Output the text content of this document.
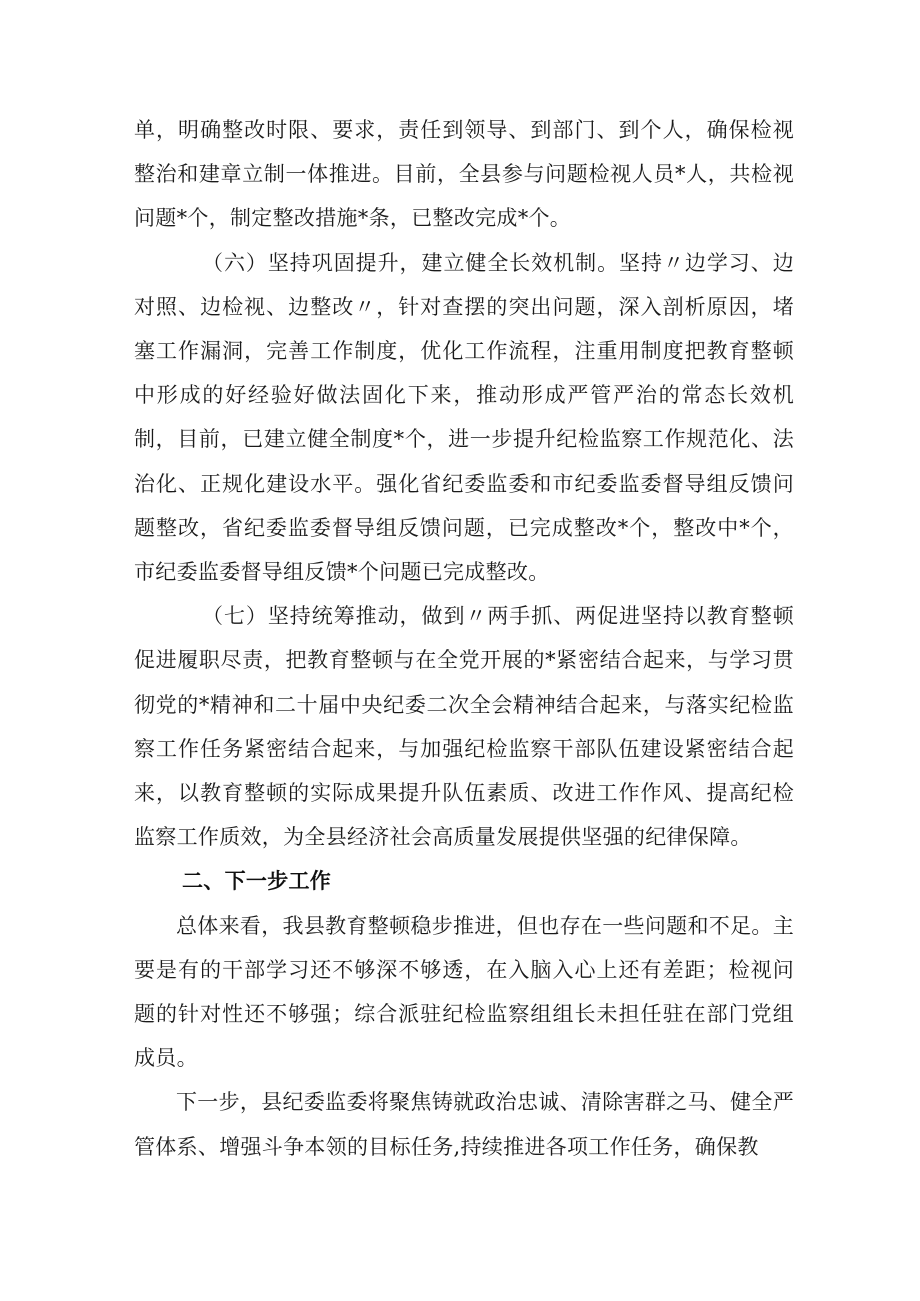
单，明确整改时限、要求，责任到领导、到部门、到个人，确保检视整治和建章立制一体推进。目前，全县参与问题检视人员*人，共检视问题*个，制定整改措施*条，已整改完成*个。

（六）坚持巩固提升，建立健全长效机制。坚持〃边学习、边对照、边检视、边整改〃，针对查摆的突出问题，深入剖析原因，堵塞工作漏洞，完善工作制度，优化工作流程，注重用制度把教育整顿中形成的好经验好做法固化下来，推动形成严管严治的常态长效机制，目前，已建立健全制度*个，进一步提升纪检监察工作规范化、法治化、正规化建设水平。强化省纪委监委和市纪委监委督导组反馈问题整改，省纪委监委督导组反馈问题，已完成整改*个，整改中*个，市纪委监委督导组反馈*个问题已完成整改。

（七）坚持统筹推动，做到〃两手抓、两促进坚持以教育整顿促进履职尽责，把教育整顿与在全党开展的*紧密结合起来，与学习贯彻党的*精神和二十届中央纪委二次全会精神结合起来，与落实纪检监察工作任务紧密结合起来，与加强纪检监察干部队伍建设紧密结合起来，以教育整顿的实际成果提升队伍素质、改进工作作风、提高纪检监察工作质效，为全县经济社会高质量发展提供坚强的纪律保障。

二、下一步工作

总体来看，我县教育整顿稳步推进，但也存在一些问题和不足。主要是有的干部学习还不够深不够透，在入脑入心上还有差距；检视问题的针对性还不够强；综合派驻纪检监察组组长未担任驻在部门党组成员。

下一步，县纪委监委将聚焦铸就政治忠诚、清除害群之马、健全严管体系、增强斗争本领的目标任务,持续推进各项工作任务，确保教
